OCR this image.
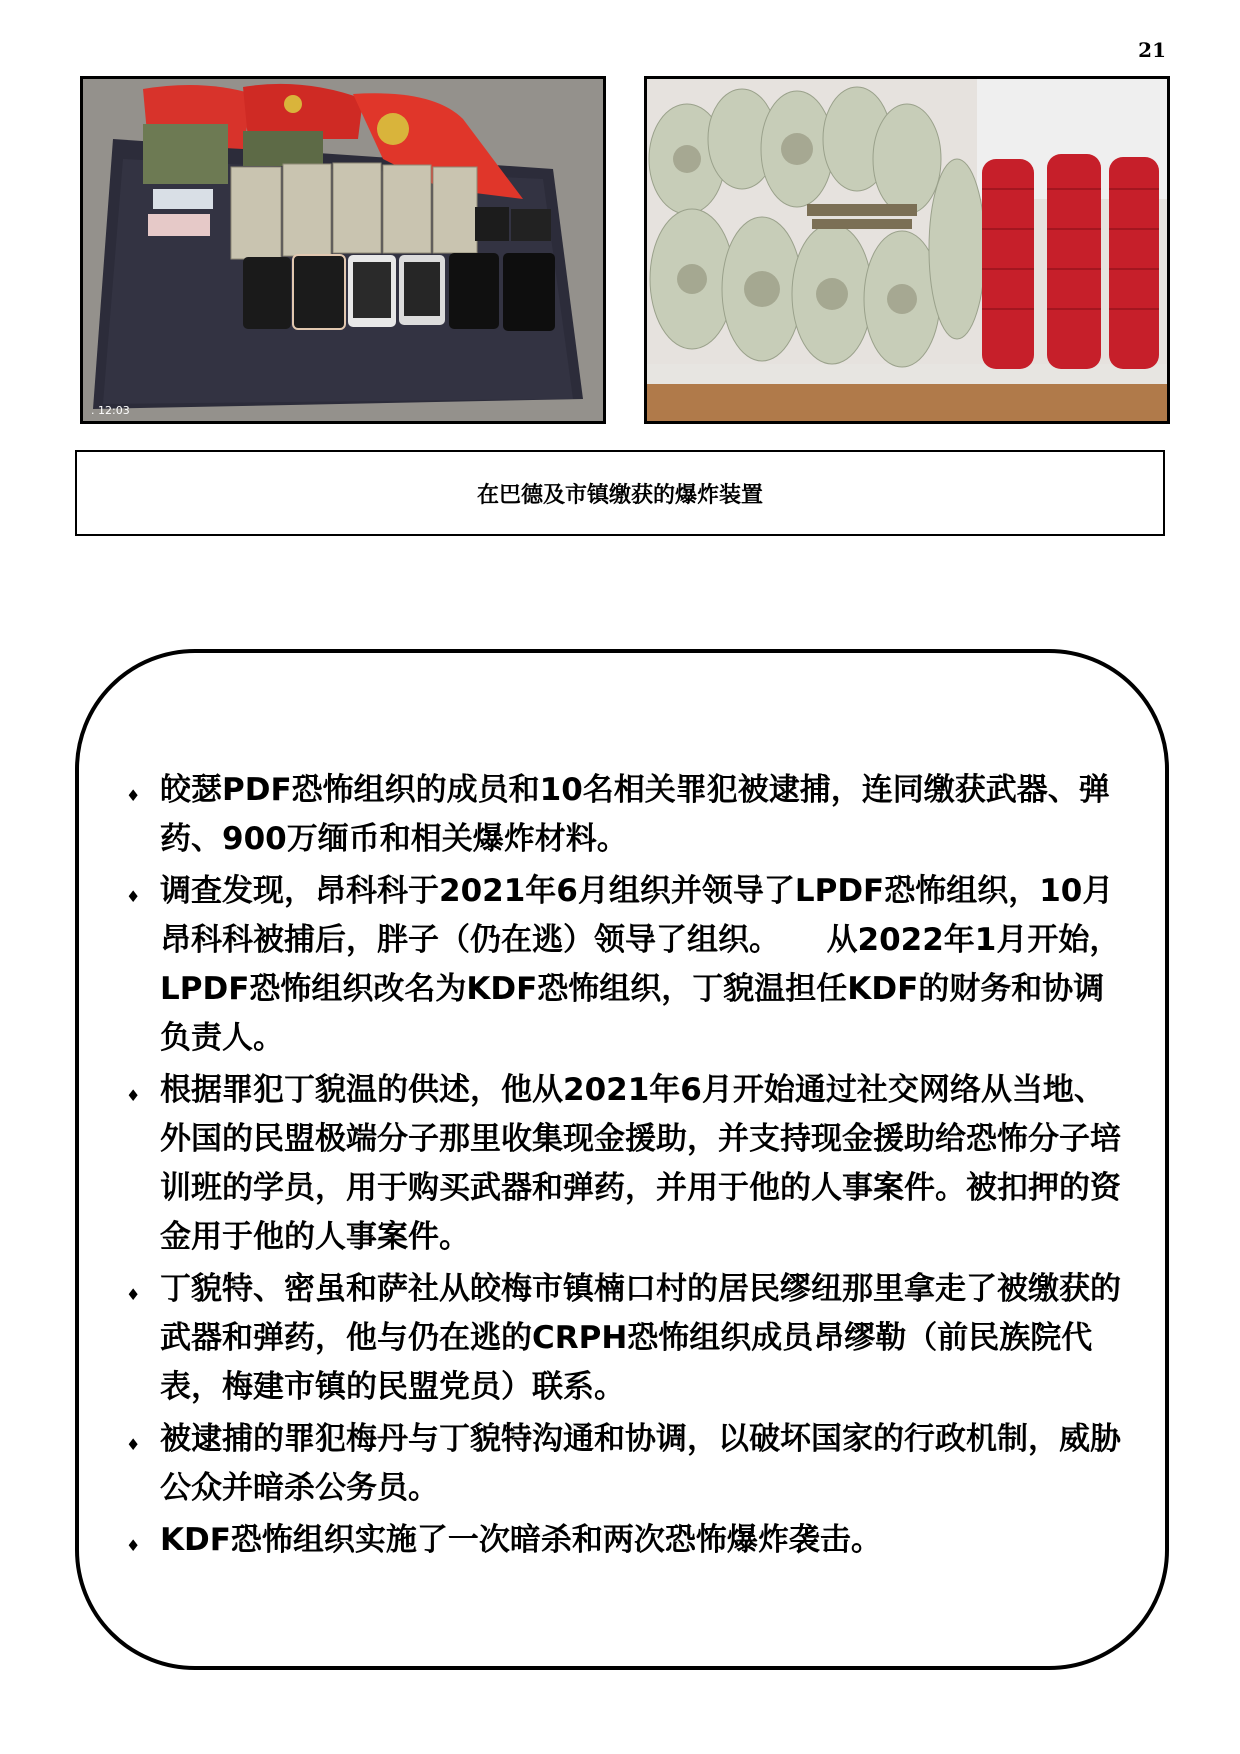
21
. 12:03
在巴德及市镇缴获的爆炸装置
♦ 皎瑟PDF恐怖组织的成员和10名相关罪犯被逮捕，连同缴获武器、弹药、900万缅币和相关爆炸材料。
♦ 调查发现，昂科科于2021年6月组织并领导了LPDF恐怖组织，10月昂科科被捕后，胖子（仍在逃）领导了组织。　　从2022年1月开始，LPDF恐怖组织改名为KDF恐怖组织，丁貌温担任KDF的财务和协调负责人。
♦ 根据罪犯丁貌温的供述，他从2021年6月开始通过社交网络从当地、外国的民盟极端分子那里收集现金援助，并支持现金援助给恐怖分子培训班的学员，用于购买武器和弹药，并用于他的人事案件。被扣押的资金用于他的人事案件。
♦ 丁貌特、密虽和萨社从皎梅市镇楠口村的居民缪纽那里拿走了被缴获的武器和弹药，他与仍在逃的CRPH恐怖组织成员昂缪勒（前民族院代表，梅建市镇的民盟党员）联系。
♦ 被逮捕的罪犯梅丹与丁貌特沟通和协调，以破坏国家的行政机制，威胁公众并暗杀公务员。
♦ KDF恐怖组织实施了一次暗杀和两次恐怖爆炸袭击。
